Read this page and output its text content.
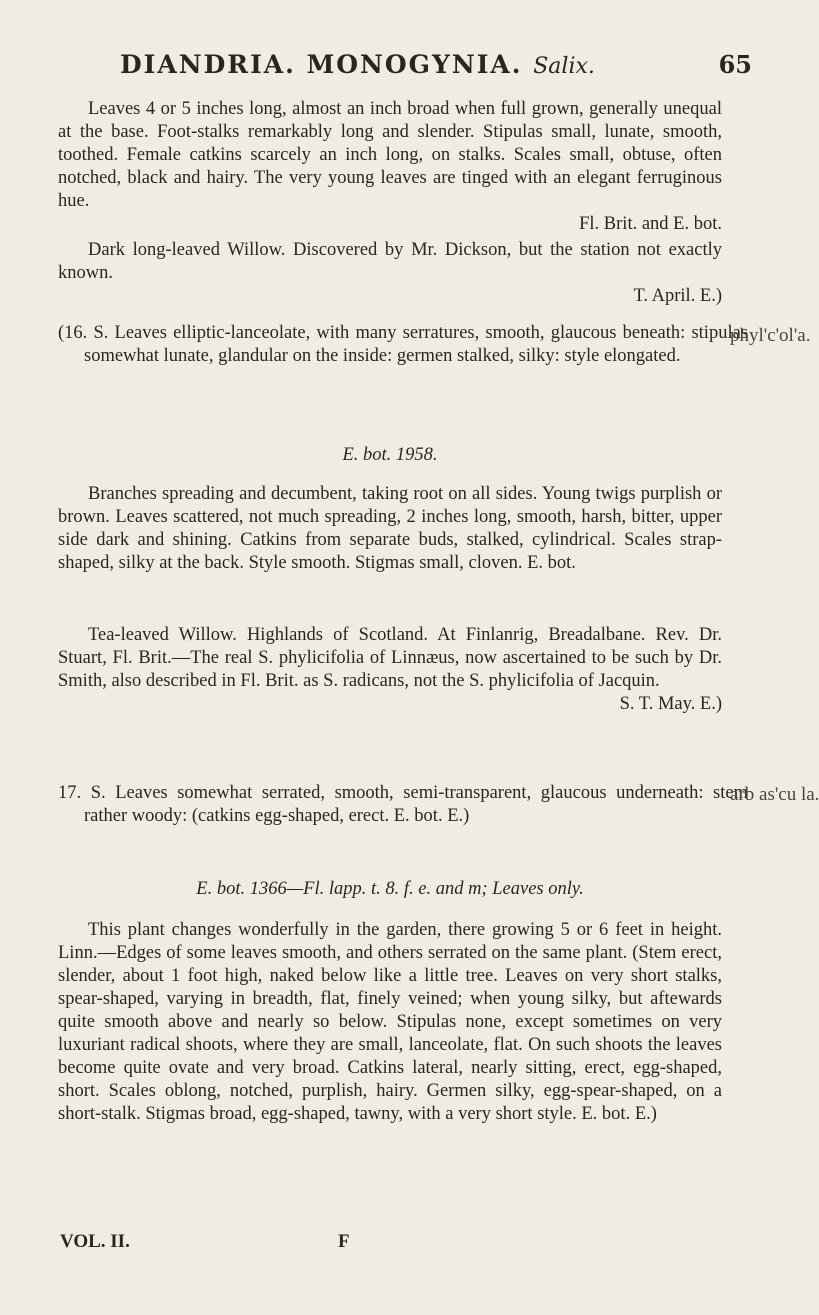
DIANDRIA. MONOGYNIA. Salix.	65
Leaves 4 or 5 inches long, almost an inch broad when full grown, generally unequal at the base. Foot-stalks remarkably long and slender. Stipulas small, lunate, smooth, toothed. Female catkins scarcely an inch long, on stalks. Scales small, obtuse, often notched, black and hairy. The very young leaves are tinged with an elegant ferruginous hue.
Fl. Brit. and E. bot.
Dark long-leaved Willow. Discovered by Mr. Dickson, but the station not exactly known.
T. April. E.)
(16. S. Leaves elliptic-lanceolate, with many serratures, smooth, glaucous beneath: stipulas somewhat lunate, glandular on the inside: germen stalked, silky: style elongated.
phyl'c'ol'a.
E. bot. 1958.
Branches spreading and decumbent, taking root on all sides. Young twigs purplish or brown. Leaves scattered, not much spreading, 2 inches long, smooth, harsh, bitter, upper side dark and shining. Catkins from separate buds, stalked, cylindrical. Scales strap-shaped, silky at the back. Style smooth. Stigmas small, cloven. E. bot.
Tea-leaved Willow. Highlands of Scotland. At Finlanrig, Breadalbane. Rev. Dr. Stuart, Fl. Brit.—The real S. phylicifolia of Linnæus, now ascertained to be such by Dr. Smith, also described in Fl. Brit. as S. radicans, not the S. phylicifolia of Jacquin.
S. T. May. E.)
17. S. Leaves somewhat serrated, smooth, semi-transparent, glaucous underneath: stem rather woody: (catkins egg-shaped, erect. E. bot. E.)
arb as'cu la.
E. bot. 1366—Fl. lapp. t. 8. f. e. and m; Leaves only.
This plant changes wonderfully in the garden, there growing 5 or 6 feet in height. Linn.—Edges of some leaves smooth, and others serrated on the same plant. (Stem erect, slender, about 1 foot high, naked below like a little tree. Leaves on very short stalks, spear-shaped, varying in breadth, flat, finely veined; when young silky, but aftewards quite smooth above and nearly so below. Stipulas none, except sometimes on very luxuriant radical shoots, where they are small, lanceolate, flat. On such shoots the leaves become quite ovate and very broad. Catkins lateral, nearly sitting, erect, egg-shaped, short. Scales oblong, notched, purplish, hairy. Germen silky, egg-spear-shaped, on a short-stalk. Stigmas broad, egg-shaped, tawny, with a very short style. E. bot. E.)
VOL. II.	F
